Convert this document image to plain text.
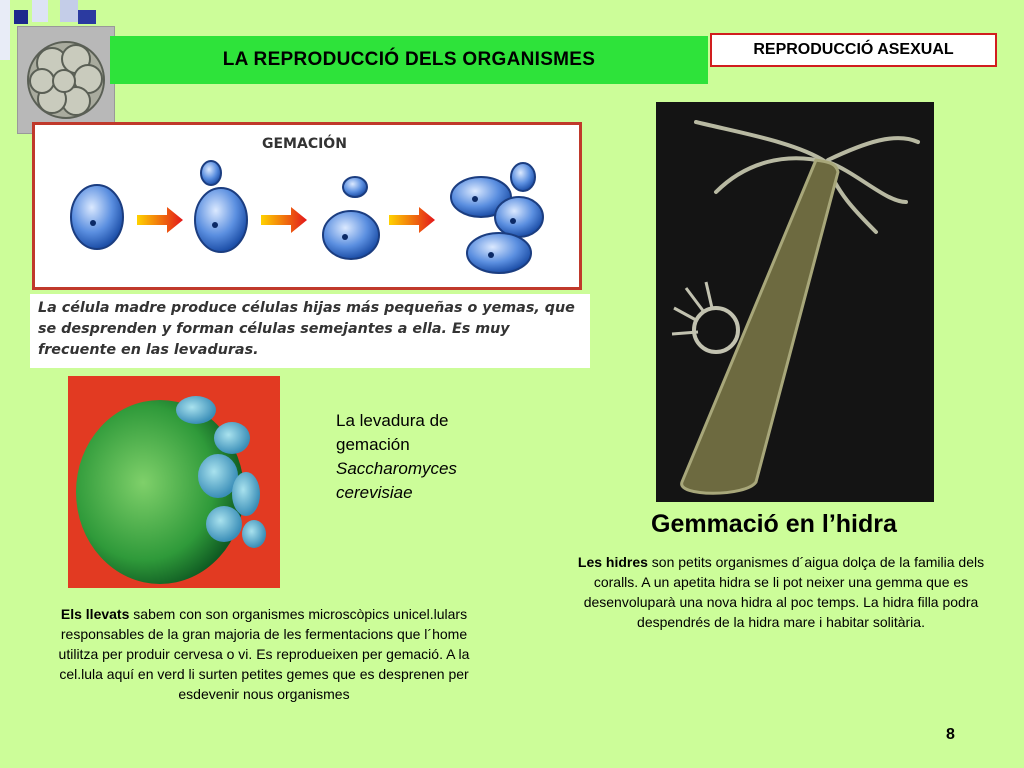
LA REPRODUCCIÓ DELS ORGANISMES	REPRODUCCIÓ ASEXUAL
GEMACIÓN
La célula madre produce células hijas más pequeñas o yemas, que se desprenden y forman células semejantes a ella. Es muy frecuente en las levaduras.
La levadura de
gemación
Saccharomyces
cerevisiae
Els llevats sabem con son organismes microscòpics unicel.lulars responsables de la gran majoria de les fermentacions que l´home utilitza per produir cervesa o vi. Es reprodueixen per gemació. A la cel.lula aquí en verd li surten petites gemes que es desprenen per esdevenir nous organismes
Gemmació en l’hidra
Les hidres son petits organismes d´aigua dolça de la familia dels coralls. A un apetita hidra se li pot neixer una gemma que es desenvoluparà una nova hidra al poc temps. La hidra filla podra despendrés de la hidra mare i habitar solitària.
8
